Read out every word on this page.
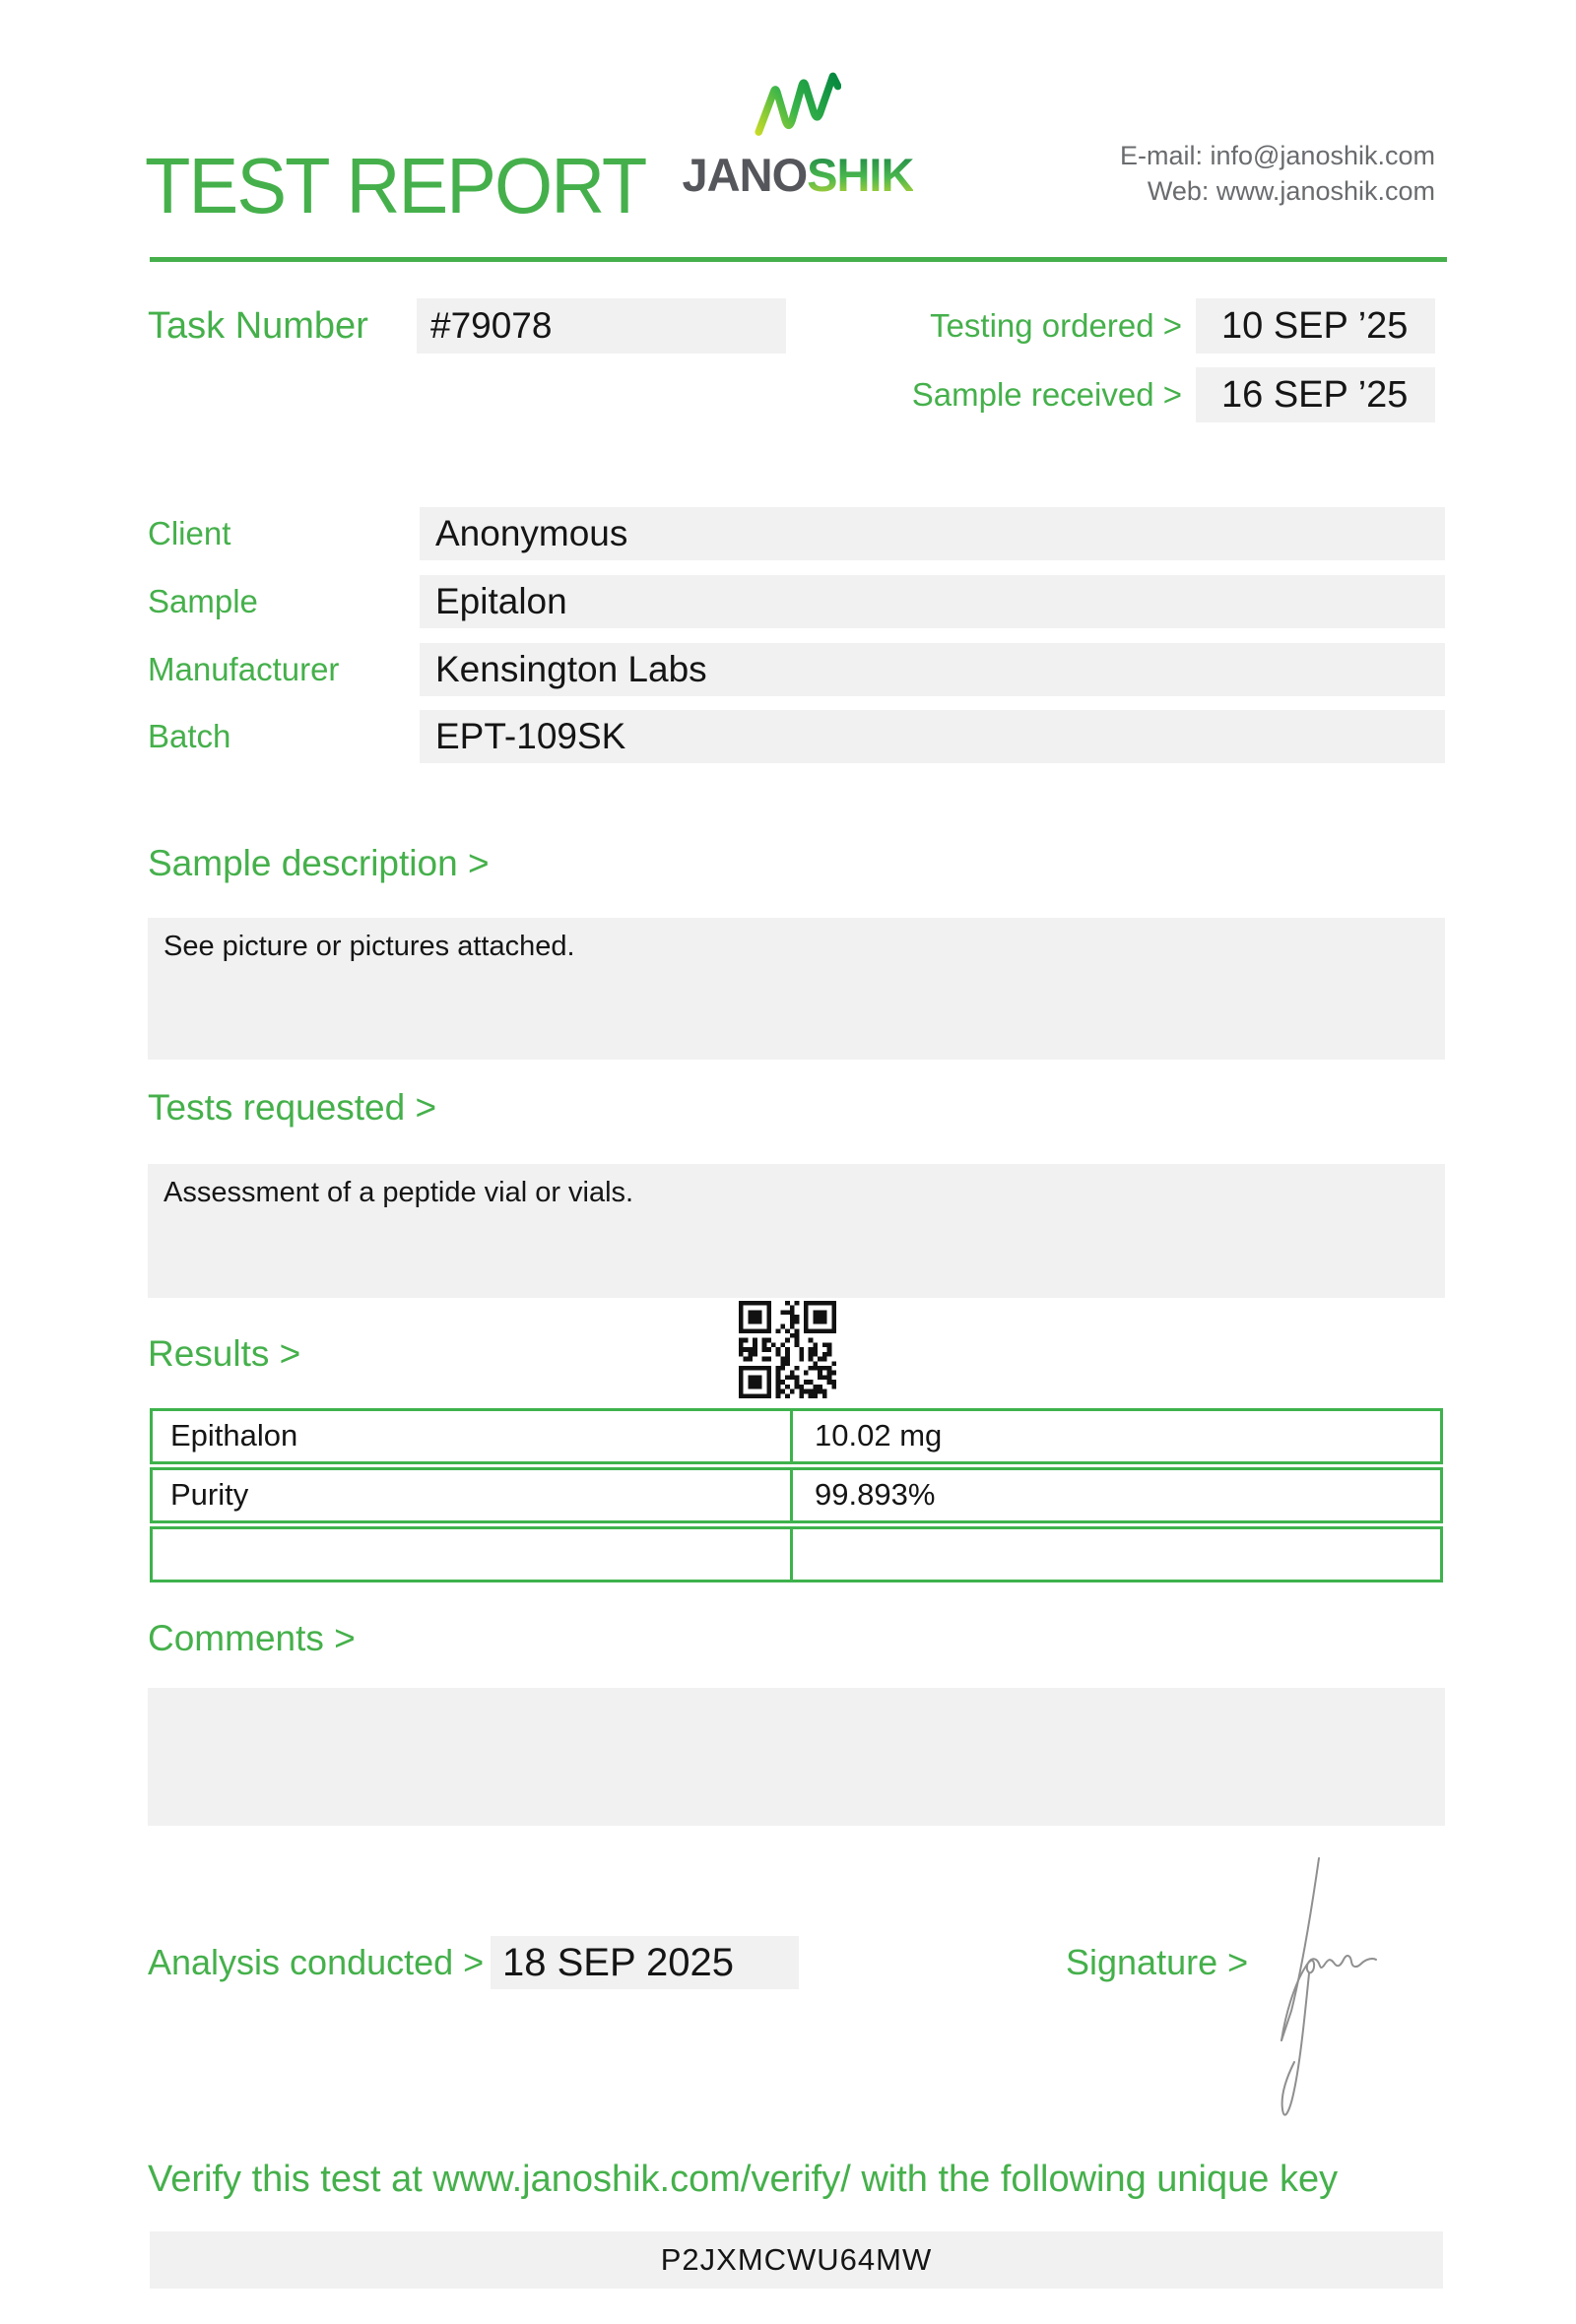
TEST REPORT JANOSHIK	E-mail: info@janoshik.com
Web: www.janoshik.com
Task Number	#79078	Testing ordered >	10 SEP ’25
Sample received >	16 SEP ’25
Client	Anonymous
Sample	Epitalon
Manufacturer	Kensington Labs
Batch	EPT-109SK
Sample description >
See picture or pictures attached.
Tests requested >
Assessment of a peptide vial or vials.
Results >
Epithalon	10.02 mg
Purity	99.893%
Comments >
Analysis conducted > 18 SEP 2025	Signature >
Verify this test at www.janoshik.com/verify/ with the following unique key
P2JXMCWU64MW
